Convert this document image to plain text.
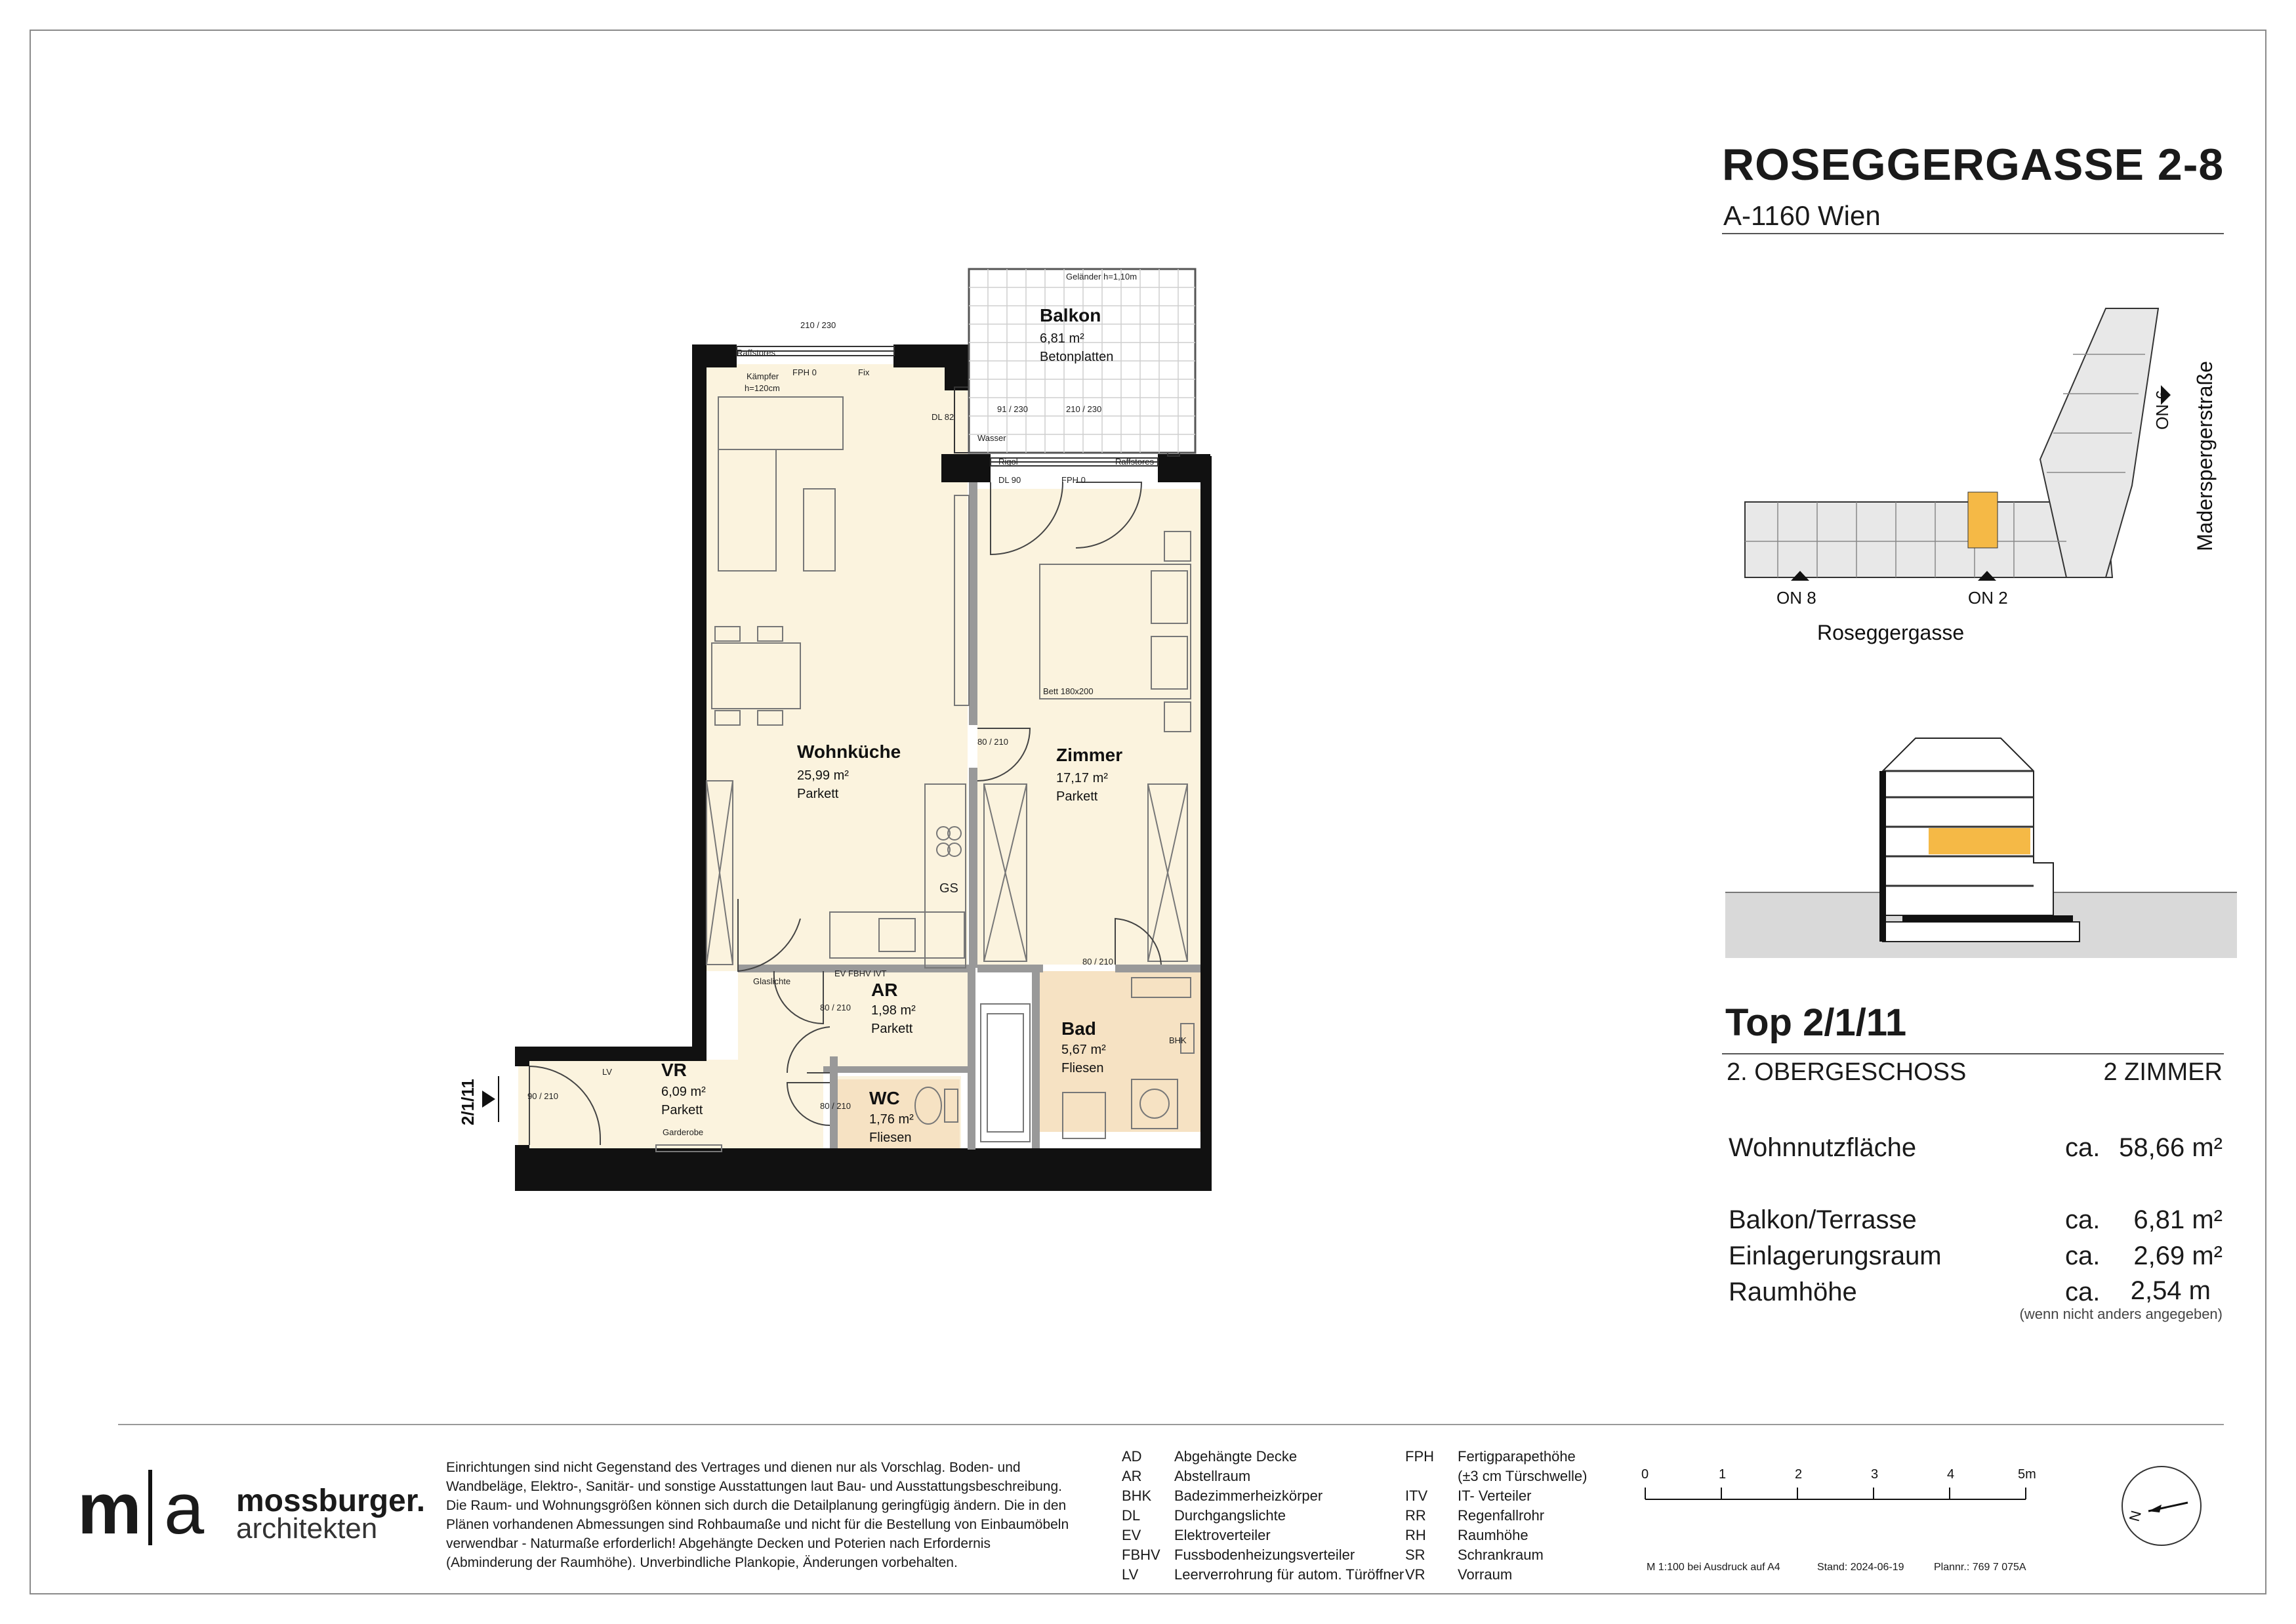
Balkon
6,81 m²
Betonplatten
Wohnküche
25,99 m²
Parkett
Zimmer
17,17 m²
Parkett
AR
1,98 m²
Parkett	Bad
5,67 m²
Fliesen
VR
6,09 m²
Parkett
WC
1,76 m²
Fliesen
Geländer h=1,10m
Raffstores
Kämpfer
h=120cm
FPH 0	Fix
210 / 230
DL 82
Wasser
91 / 230	210 / 230
Rigol	Raffstores
DL 90	FPH 0
Bett 180x200
80 / 210
GS
Glaslichte
EV FBHV IVT
80 / 210
80 / 210
80 / 210
90 / 210
Garderobe
LV
BHK
2/1/11
ON 8	ON 2
ON 6
Roseggergasse
Maderspergerstraße
ROSEGGERGASSE 2-8
A-1160 Wien
Top 2/1/11
2. OBERGESCHOSS	2 ZIMMER
Wohnnutzfläche	ca. 58,66 m²
Balkon/Terrasse	ca. 6,81 m²
Einlagerungsraum	ca. 2,69 m²
Raumhöhe	ca. 2,54 m
(wenn nicht anders angegeben)
m a mossburger.
architekten
Einrichtungen sind nicht Gegenstand des Vertrages und dienen nur als Vorschlag. Boden- und Wandbeläge, Elektro-, Sanitär- und sonstige Ausstattungen laut Bau- und Ausstattungsbeschreibung. Die Raum- und Wohnungsgrößen können sich durch die Detailplanung geringfügig ändern. Die in den Plänen vorhandenen Abmessungen sind Rohbaumaße und nicht für die Bestellung von Einbaumöbeln verwendbar - Naturmaße erforderlich! Abgehängte Decken und Poterien nach Erfordernis (Abminderung der Raumhöhe). Unverbindliche Plankopie, Änderungen vorbehalten.
AD	Abgehängte Decke
AR	Abstellraum
BHK	Badezimmerheizkörper
DL	Durchgangslichte
EV	Elektroverteiler
FBHV Fussbodenheizungsverteiler
LV	Leerverrohrung für autom. Türöffner
FPH	Fertigparapethöhe
(±3 cm Türschwelle)
ITV	IT- Verteiler
RR	Regenfallrohr
RH	Raumhöhe
SR	Schrankraum
VR	Vorraum
0	1	2	3	4	5m
M 1:100 bei Ausdruck auf A4	Stand: 2024-06-19	Plannr.: 769 7 075A
N
